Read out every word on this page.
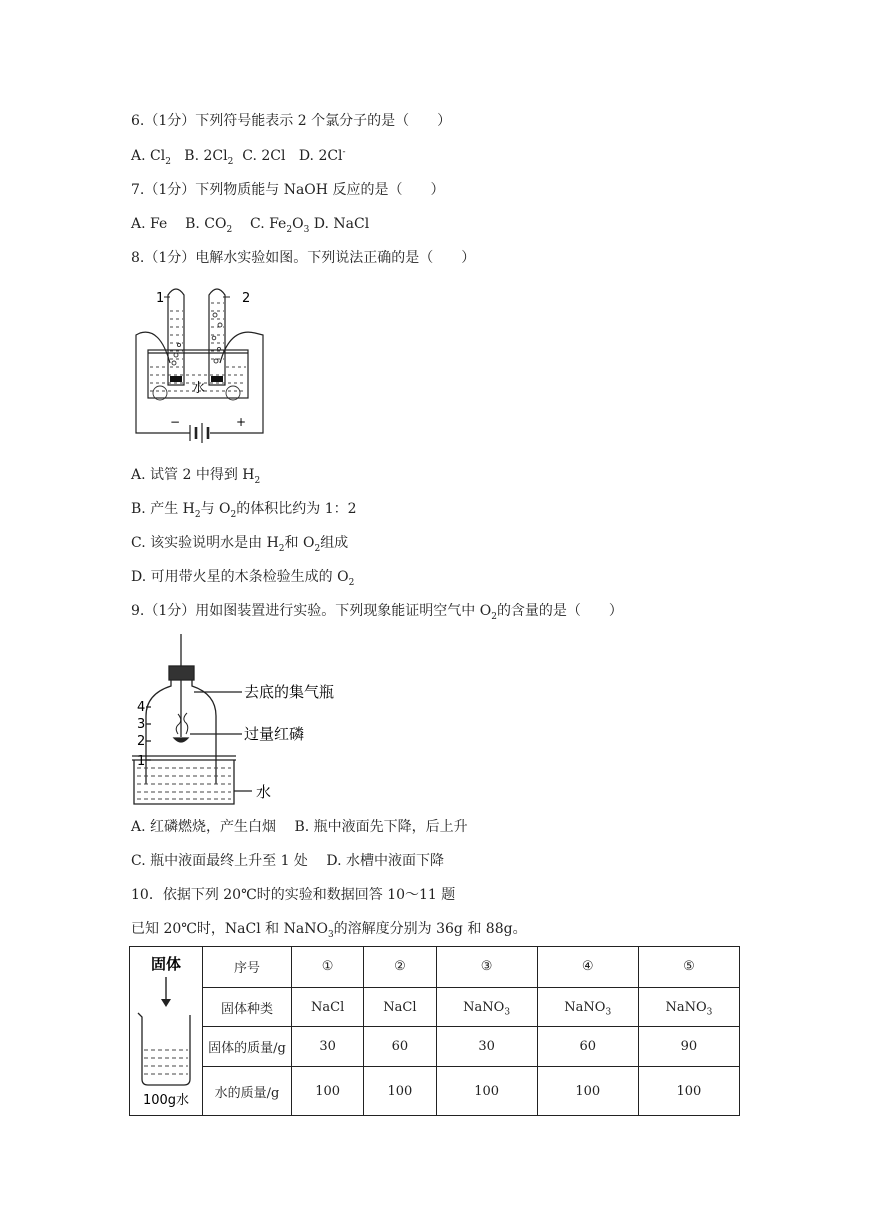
6.（1分）下列符号能表示 2 个氯分子的是（　　）
A. $Cl_2$ B. $2Cl_2$ C. 2Cl D. 2Cl-
7.（1分）下列物质能与 NaOH 反应的是（　　）
A. Fe B. $CO_2$ C. $Fe_2O_3$ D. NaCl
8.（1分）电解水实验如图。下列说法正确的是（　　）
1	2
水
−	+
A. 试管 2 中得到 $H_2$
B. 产生 $H_2$与 $O_2$的体积比约为 1：2
C. 该实验说明水是由 $H_2$和 $O_2$组成
D. 可用带火星的木条检验生成的 $O_2$
9.（1分）用如图装置进行实验。下列现象能证明空气中 $O_2$的含量的是（　　）
去底的集气瓶
过量红磷
水
4
3
2
1
A. 红磷燃烧，产生白烟　 B. 瓶中液面先下降，后上升
C. 瓶中液面最终上升至 1 处　 D. 水槽中液面下降
10．依据下列 20℃时的实验和数据回答 10～11 题
已知 20℃时，NaCl 和 NaNO$_3$的溶解度分别为 36g 和 88g。
固体
100g水	序号	①	②	③	④	⑤
	固体种类	NaCl	NaCl	NaNO$_3$	NaNO$_3$	NaNO$_3$
	固体的质量/g	30	60	30	60	90
	水的质量/g	100	100	100	100	100
